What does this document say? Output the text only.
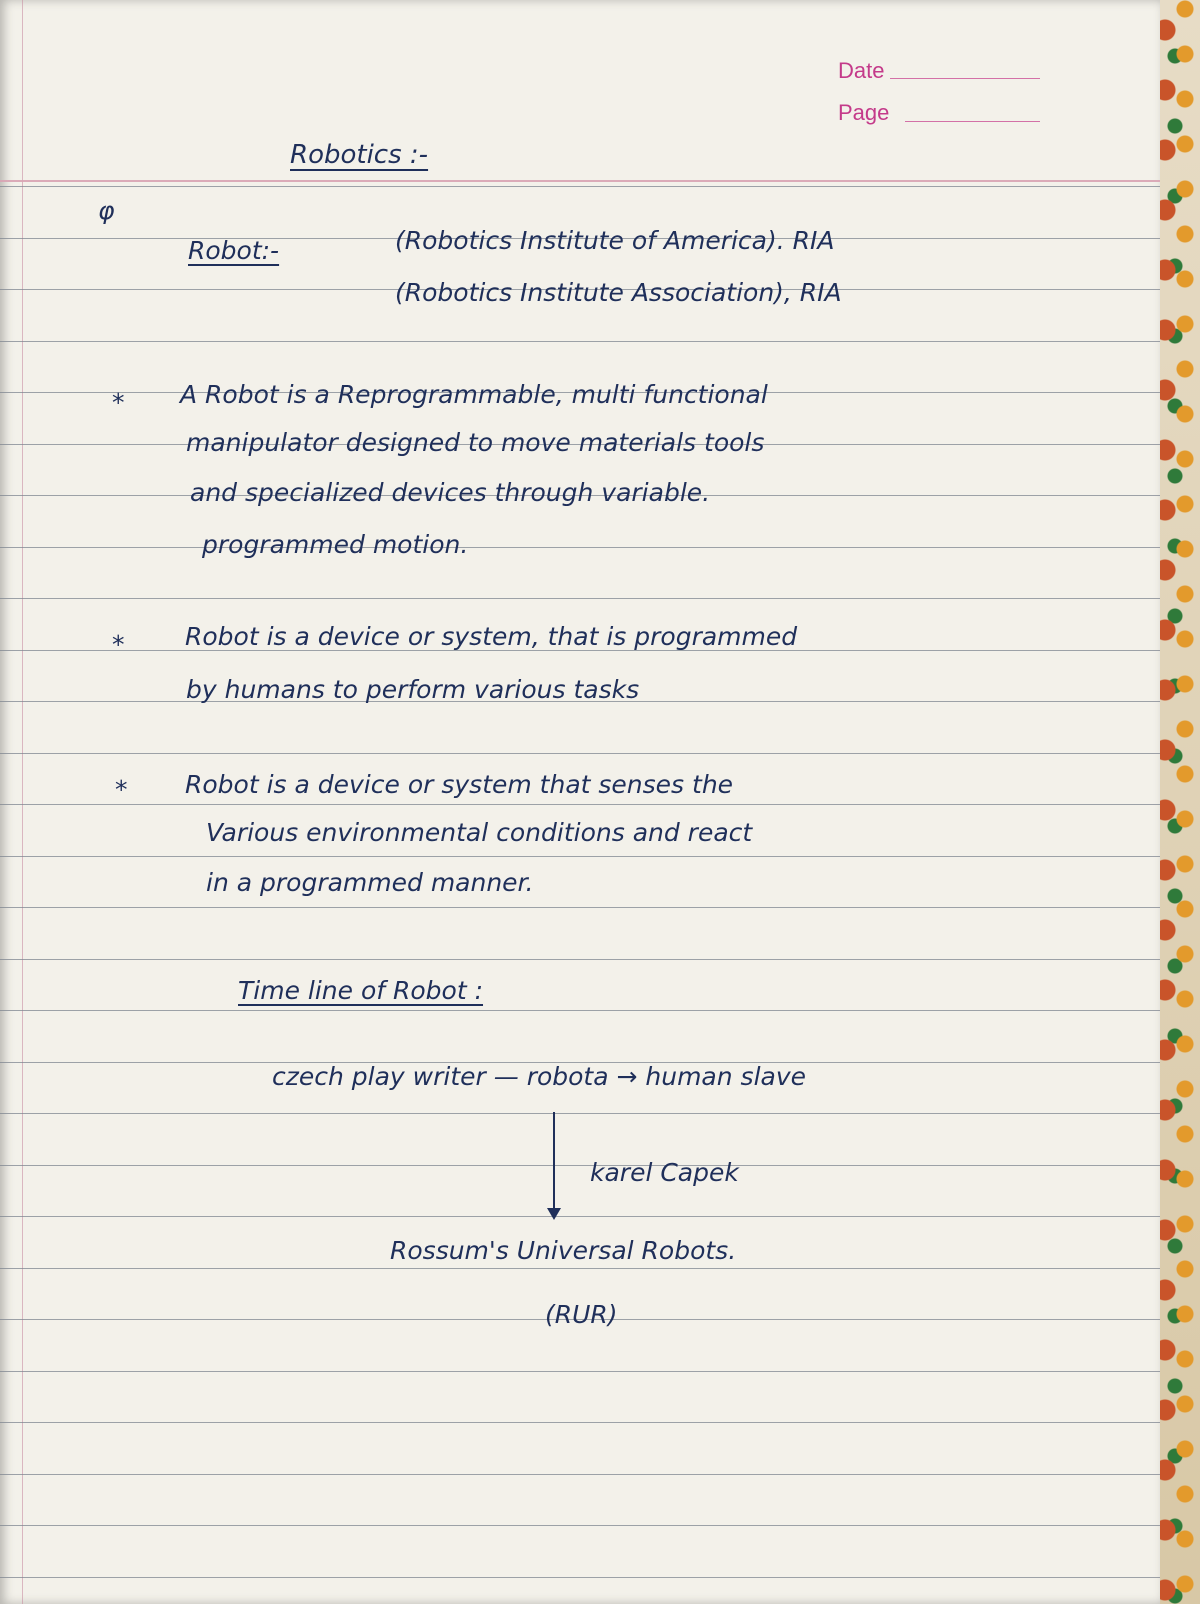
Date
Page
Robotics :-
φ
Robot:-	(Robotics Institute of America). RIA
(Robotics Institute Association), RIA
* A Robot is a Reprogrammable, multi functional
manipulator designed to move materials tools
and specialized devices through variable.
programmed motion.
* Robot is a device or system, that is programmed
by humans to perform various tasks
* Robot is a device or system that senses the
Various environmental conditions and react
in a programmed manner.
Time line of Robot :
czech play writer — robota → human slave
karel Capek
Rossum's Universal Robots.
(RUR)
